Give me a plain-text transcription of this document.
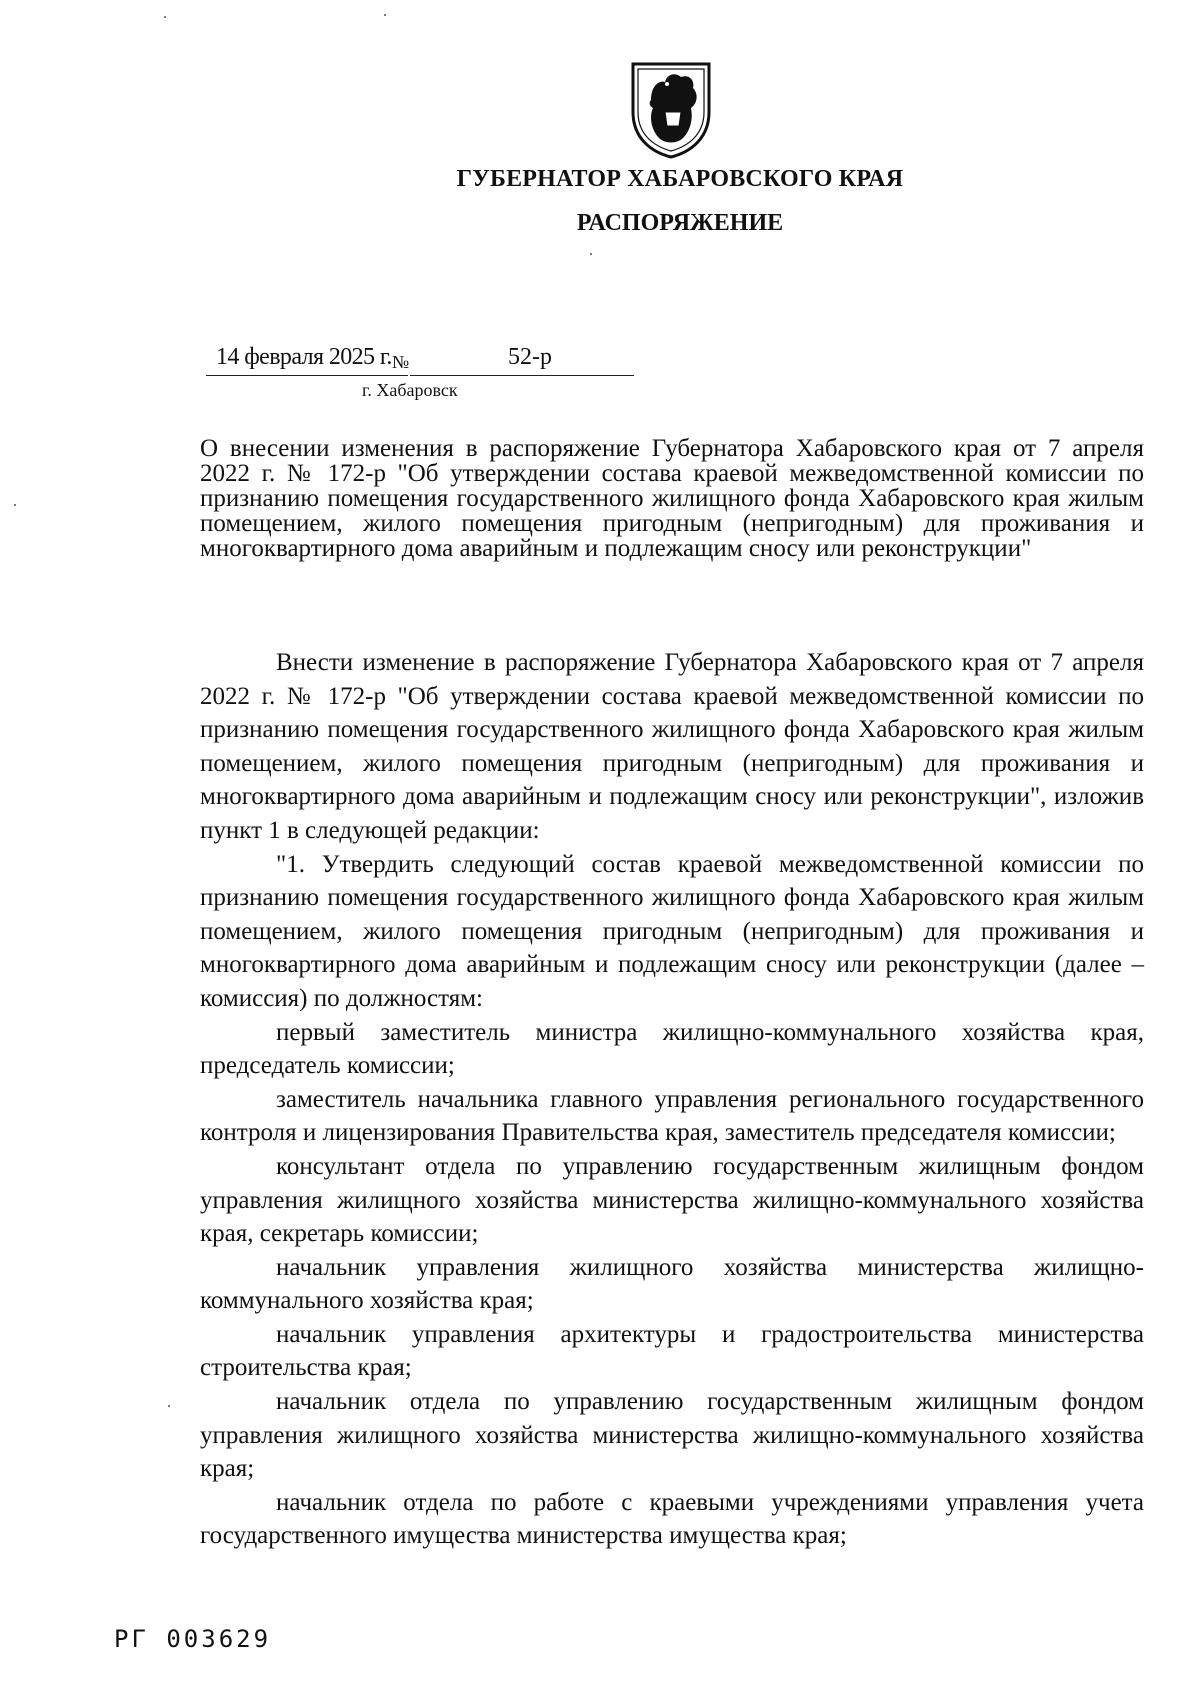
ГУБЕРНАТОР ХАБАРОВСКОГО КРАЯ
РАСПОРЯЖЕНИЕ
14 февраля 2025 г. №	52-р
г. Хабаровск
О внесении изменения в распоряжение Губернатора Хабаровского края от 7 апреля 2022 г. № 172-р "Об утверждении состава краевой межведомственной комиссии по признанию помещения государственного жилищного фонда Хабаровского края жилым помещением, жилого помещения пригодным (непригодным) для проживания и многоквартирного дома аварийным и подлежащим сносу или реконструкции"

Внести изменение в распоряжение Губернатора Хабаровского края от 7 апреля 2022 г. № 172-р "Об утверждении состава краевой межведомственной комиссии по признанию помещения государственного жилищного фонда Хабаровского края жилым помещением, жилого помещения пригодным (непригодным) для проживания и многоквартирного дома аварийным и подлежащим сносу или реконструкции", изложив пункт 1 в следующей редакции:

"1. Утвердить следующий состав краевой межведомственной комиссии по признанию помещения государственного жилищного фонда Хабаровского края жилым помещением, жилого помещения пригодным (непригодным) для проживания и многоквартирного дома аварийным и подлежащим сносу или реконструкции (далее – комиссия) по должностям:

первый заместитель министра жилищно-коммунального хозяйства края, председатель комиссии;

заместитель начальника главного управления регионального государственного контроля и лицензирования Правительства края, заместитель председателя комиссии;

консультант отдела по управлению государственным жилищным фондом управления жилищного хозяйства министерства жилищно-коммунального хозяйства края, секретарь комиссии;

начальник управления жилищного хозяйства министерства жилищно-коммунального хозяйства края;

начальник управления архитектуры и градостроительства министерства строительства края;

начальник отдела по управлению государственным жилищным фондом управления жилищного хозяйства министерства жилищно-коммунального хозяйства края;

начальник отдела по работе с краевыми учреждениями управления учета государственного имущества министерства имущества края;

РГ 003629
